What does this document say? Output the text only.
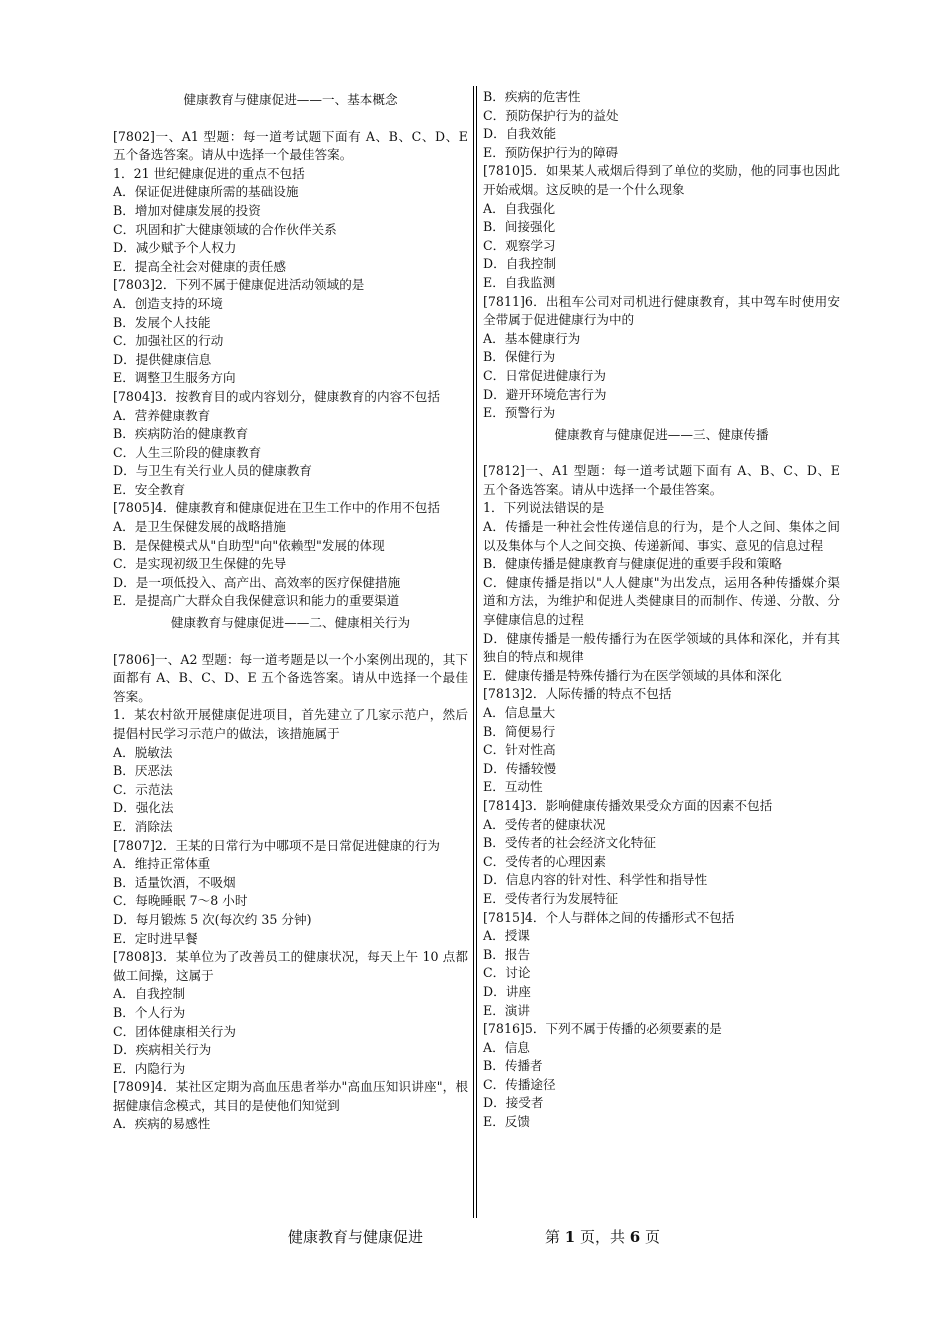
健康教育与健康促进——一、基本概念

[7802]一、A1 型题：每一道考试题下面有 A、B、C、D、E 五个备选答案。请从中选择一个最佳答案。

1．21 世纪健康促进的重点不包括

A．保证促进健康所需的基础设施

B．增加对健康发展的投资

C．巩固和扩大健康领域的合作伙伴关系

D．减少赋予个人权力

E．提高全社会对健康的责任感

[7803]2．下列不属于健康促进活动领域的是

A．创造支持的环境

B．发展个人技能

C．加强社区的行动

D．提供健康信息

E．调整卫生服务方向

[7804]3．按教育目的或内容划分，健康教育的内容不包括

A．营养健康教育

B．疾病防治的健康教育

C．人生三阶段的健康教育

D．与卫生有关行业人员的健康教育

E．安全教育

[7805]4．健康教育和健康促进在卫生工作中的作用不包括

A．是卫生保健发展的战略措施

B．是保健模式从"自助型"向"依赖型"发展的体现

C．是实现初级卫生保健的先导

D．是一项低投入、高产出、高效率的医疗保健措施

E．是提高广大群众自我保健意识和能力的重要渠道

健康教育与健康促进——二、健康相关行为

[7806]一、A2 型题：每一道考题是以一个小案例出现的，其下面都有 A、B、C、D、E 五个备选答案。请从中选择一个最佳答案。

1．某农村欲开展健康促进项目，首先建立了几家示范户，然后提倡村民学习示范户的做法，该措施属于

A．脱敏法

B．厌恶法

C．示范法

D．强化法

E．消除法

[7807]2．王某的日常行为中哪项不是日常促进健康的行为

A．维持正常体重

B．适量饮酒，不吸烟

C．每晚睡眠 7～8 小时

D．每月锻炼 5 次(每次约 35 分钟)

E．定时进早餐

[7808]3．某单位为了改善员工的健康状况，每天上午 10 点都做工间操，这属于

A．自我控制

B．个人行为

C．团体健康相关行为

D．疾病相关行为

E．内隐行为

[7809]4．某社区定期为高血压患者举办"高血压知识讲座"，根据健康信念模式，其目的是使他们知觉到

A．疾病的易感性

B．疾病的危害性

C．预防保护行为的益处

D．自我效能

E．预防保护行为的障碍

[7810]5．如果某人戒烟后得到了单位的奖励，他的同事也因此开始戒烟。这反映的是一个什么现象

A．自我强化

B．间接强化

C．观察学习

D．自我控制

E．自我监测

[7811]6．出租车公司对司机进行健康教育，其中驾车时使用安全带属于促进健康行为中的

A．基本健康行为

B．保健行为

C．日常促进健康行为

D．避开环境危害行为

E．预警行为

健康教育与健康促进——三、健康传播

[7812]一、A1 型题：每一道考试题下面有 A、B、C、D、E 五个备选答案。请从中选择一个最佳答案。

1．下列说法错误的是

A．传播是一种社会性传递信息的行为，是个人之间、集体之间以及集体与个人之间交换、传递新闻、事实、意见的信息过程

B．健康传播是健康教育与健康促进的重要手段和策略

C．健康传播是指以"人人健康"为出发点，运用各种传播媒介渠道和方法，为维护和促进人类健康目的而制作、传递、分散、分享健康信息的过程

D．健康传播是一般传播行为在医学领域的具体和深化，并有其独自的特点和规律

E．健康传播是特殊传播行为在医学领域的具体和深化

[7813]2．人际传播的特点不包括

A．信息量大

B．简便易行

C．针对性高

D．传播较慢

E．互动性

[7814]3．影响健康传播效果受众方面的因素不包括

A．受传者的健康状况

B．受传者的社会经济文化特征

C．受传者的心理因素

D．信息内容的针对性、科学性和指导性

E．受传者行为发展特征

[7815]4．个人与群体之间的传播形式不包括

A．授课

B．报告

C．讨论

D．讲座

E．演讲

[7816]5．下列不属于传播的必须要素的是

A．信息

B．传播者

C．传播途径

D．接受者

E．反馈

健康教育与健康促进	第 1 页，共 6 页
